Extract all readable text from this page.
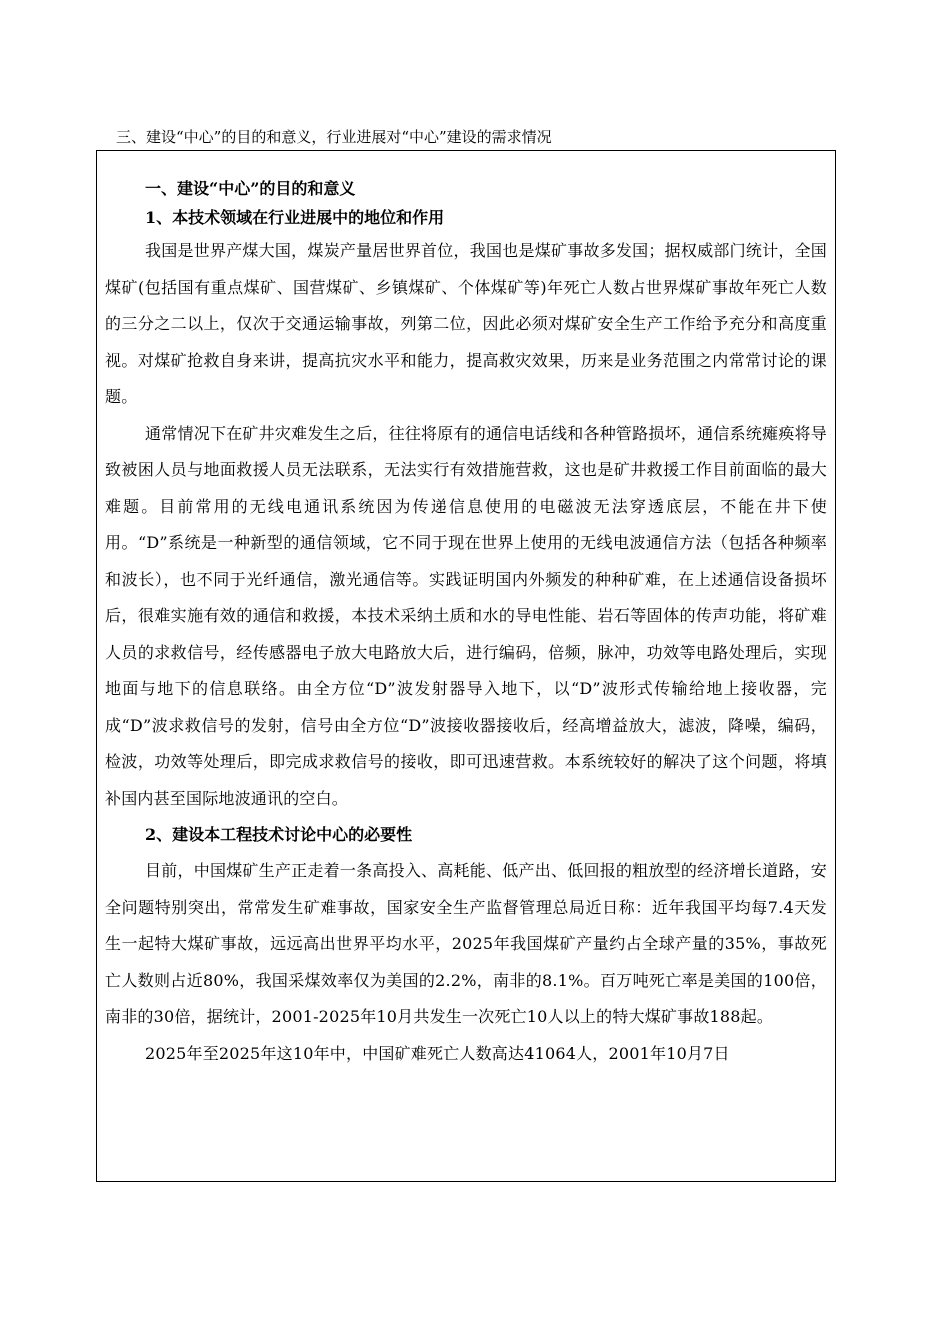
三、建设“中心”的目的和意义，行业进展对“中心”建设的需求情况

一、建设“中心”的目的和意义

1、本技术领域在行业进展中的地位和作用

我国是世界产煤大国，煤炭产量居世界首位，我国也是煤矿事故多发国；据权威部门统计，全国煤矿(包括国有重点煤矿、国营煤矿、乡镇煤矿、个体煤矿等)年死亡人数占世界煤矿事故年死亡人数的三分之二以上，仅次于交通运输事故，列第二位，因此必须对煤矿安全生产工作给予充分和高度重视。对煤矿抢救自身来讲，提高抗灾水平和能力，提高救灾效果，历来是业务范围之内常常讨论的课题。

通常情况下在矿井灾难发生之后，往往将原有的通信电话线和各种管路损坏，通信系统瘫痪将导致被困人员与地面救援人员无法联系，无法实行有效措施营救，这也是矿井救援工作目前面临的最大难题。目前常用的无线电通讯系统因为传递信息使用的电磁波无法穿透底层，不能在井下使用。“D”系统是一种新型的通信领域，它不同于现在世界上使用的无线电波通信方法（包括各种频率和波长），也不同于光纤通信，激光通信等。实践证明国内外频发的种种矿难，在上述通信设备损坏后，很难实施有效的通信和救援，本技术采纳土质和水的导电性能、岩石等固体的传声功能，将矿难人员的求救信号，经传感器电子放大电路放大后，进行编码，倍频，脉冲，功效等电路处理后，实现地面与地下的信息联络。由全方位“D”波发射器导入地下，以“D”波形式传输给地上接收器，完成“D”波求救信号的发射，信号由全方位“D”波接收器接收后，经高增益放大，滤波，降噪，编码，检波，功效等处理后，即完成求救信号的接收，即可迅速营救。本系统较好的解决了这个问题，将填补国内甚至国际地波通讯的空白。

2、建设本工程技术讨论中心的必要性

目前，中国煤矿生产正走着一条高投入、高耗能、低产出、低回报的粗放型的经济增长道路，安全问题特别突出，常常发生矿难事故，国家安全生产监督管理总局近日称：近年我国平均每7.4天发生一起特大煤矿事故，远远高出世界平均水平，2025年我国煤矿产量约占全球产量的35%，事故死亡人数则占近80%，我国采煤效率仅为美国的2.2%，南非的8.1%。百万吨死亡率是美国的100倍，南非的30倍，据统计，2001-2025年10月共发生一次死亡10人以上的特大煤矿事故188起。

2025年至2025年这10年中，中国矿难死亡人数高达41064人，2001年10月7日
